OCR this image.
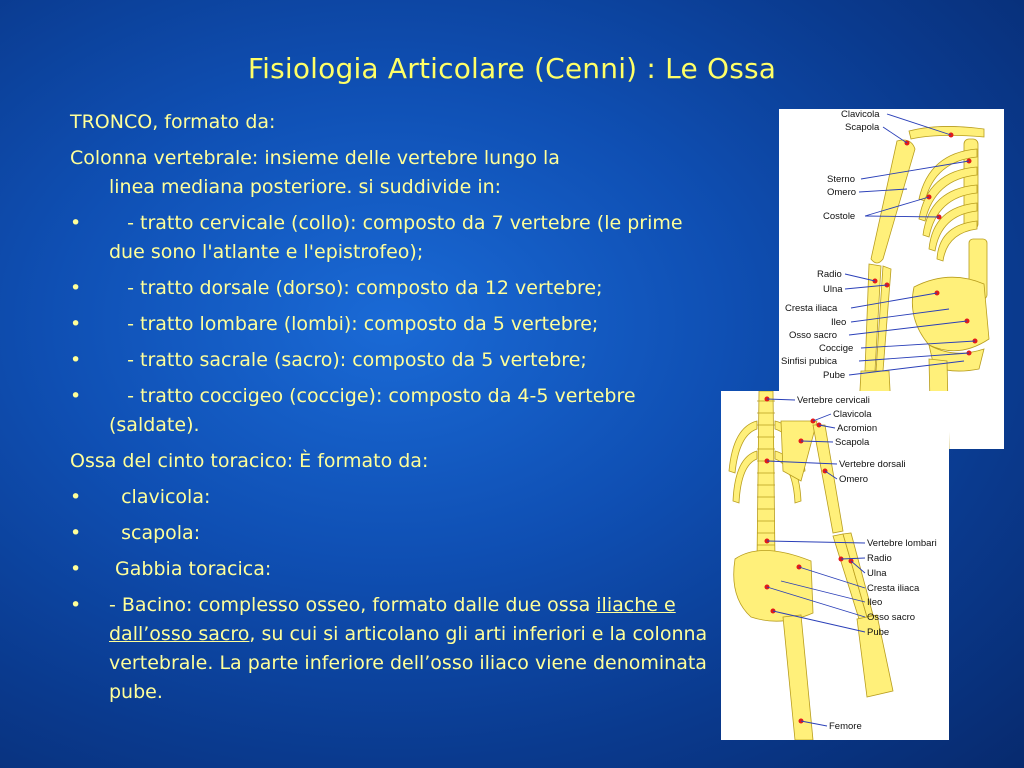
Fisiologia Articolare (Cenni) : Le Ossa
TRONCO, formato da:
Colonna vertebrale: insieme delle vertebre lungo la
linea mediana posteriore. si suddivide in:
• - tratto cervicale (collo): composto da 7 vertebre (le prime due sono l'atlante e l'epistrofeo);
• - tratto dorsale (dorso): composto da 12 vertebre;
• - tratto lombare (lombi): composto da 5 vertebre;
• - tratto sacrale (sacro): composto da 5 vertebre;
• - tratto coccigeo (coccige): composto da 4-5 vertebre (saldate).
Ossa del cinto toracico: È formato da:
• clavicola:
• scapola:
• Gabbia toracica:
• - Bacino: complesso osseo, formato dalle due ossa iliache e dall’osso sacro, su cui si articolano gli arti inferiori e la colonna vertebrale. La parte inferiore dell’osso iliaco viene denominata pube.
Clavicola
Scapola
Sterno
Omero
Costole
Radio
Ulna
Cresta iliaca
Ileo
Osso sacro
Coccige
Sinfisi pubica
Pube
Vertebre cervicali
Clavicola
Acromion
Scapola
Vertebre dorsali
Omero
Vertebre lombari
Radio
Ulna
Cresta iliaca
Ileo
Osso sacro
Pube
Femore
